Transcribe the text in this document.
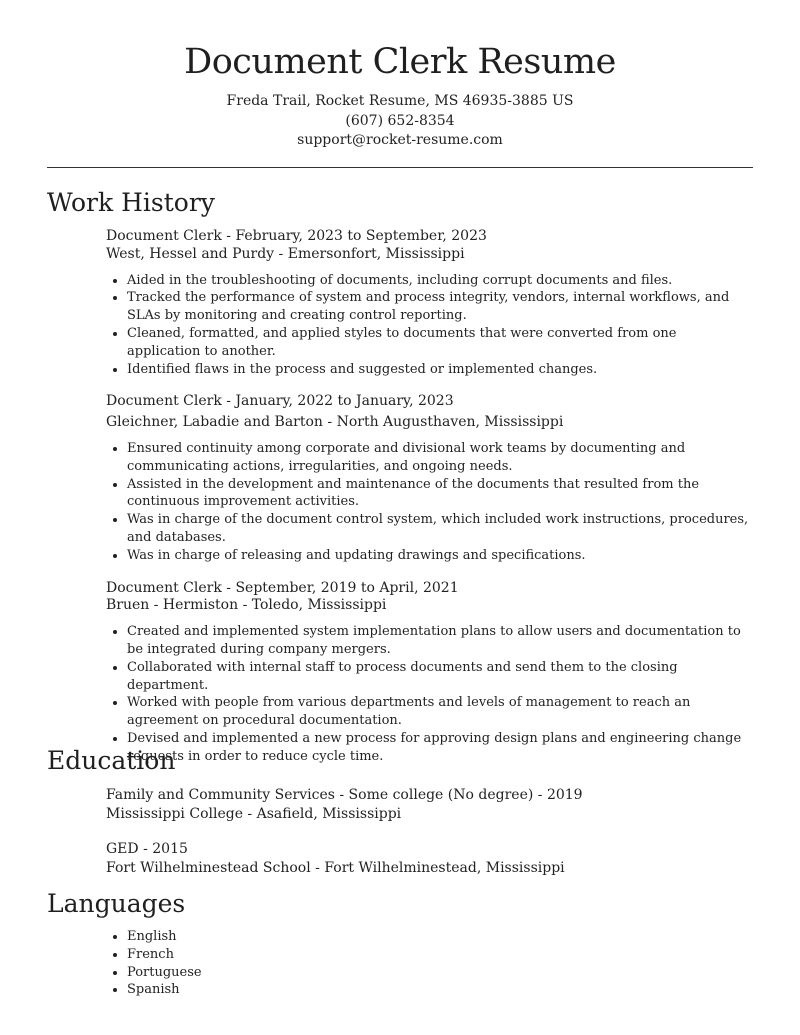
Document Clerk Resume
Freda Trail, Rocket Resume, MS 46935-3885 US
(607) 652-8354
support@rocket-resume.com
Work History

Document Clerk - February, 2023 to September, 2023

West, Hessel and Purdy - Emersonfort, Mississippi

• Aided in the troubleshooting of documents, including corrupt documents and files.
• Tracked the performance of system and process integrity, vendors, internal workflows, and SLAs by monitoring and creating control reporting.
• Cleaned, formatted, and applied styles to documents that were converted from one application to another.
• Identified flaws in the process and suggested or implemented changes.

Document Clerk - January, 2022 to January, 2023

Gleichner, Labadie and Barton - North Augusthaven, Mississippi

• Ensured continuity among corporate and divisional work teams by documenting and communicating actions, irregularities, and ongoing needs.
• Assisted in the development and maintenance of the documents that resulted from the continuous improvement activities.
• Was in charge of the document control system, which included work instructions, procedures, and databases.
• Was in charge of releasing and updating drawings and specifications.

Document Clerk - September, 2019 to April, 2021

Bruen - Hermiston - Toledo, Mississippi

• Created and implemented system implementation plans to allow users and documentation to be integrated during company mergers.
• Collaborated with internal staff to process documents and send them to the closing department.
• Worked with people from various departments and levels of management to reach an agreement on procedural documentation.
• Devised and implemented a new process for approving design plans and engineering change requests in order to reduce cycle time.
Education

Family and Community Services - Some college (No degree) - 2019

Mississippi College - Asafield, Mississippi

GED - 2015

Fort Wilhelminestead School - Fort Wilhelminestead, Mississippi

Languages
• English
• French
• Portuguese
• Spanish
